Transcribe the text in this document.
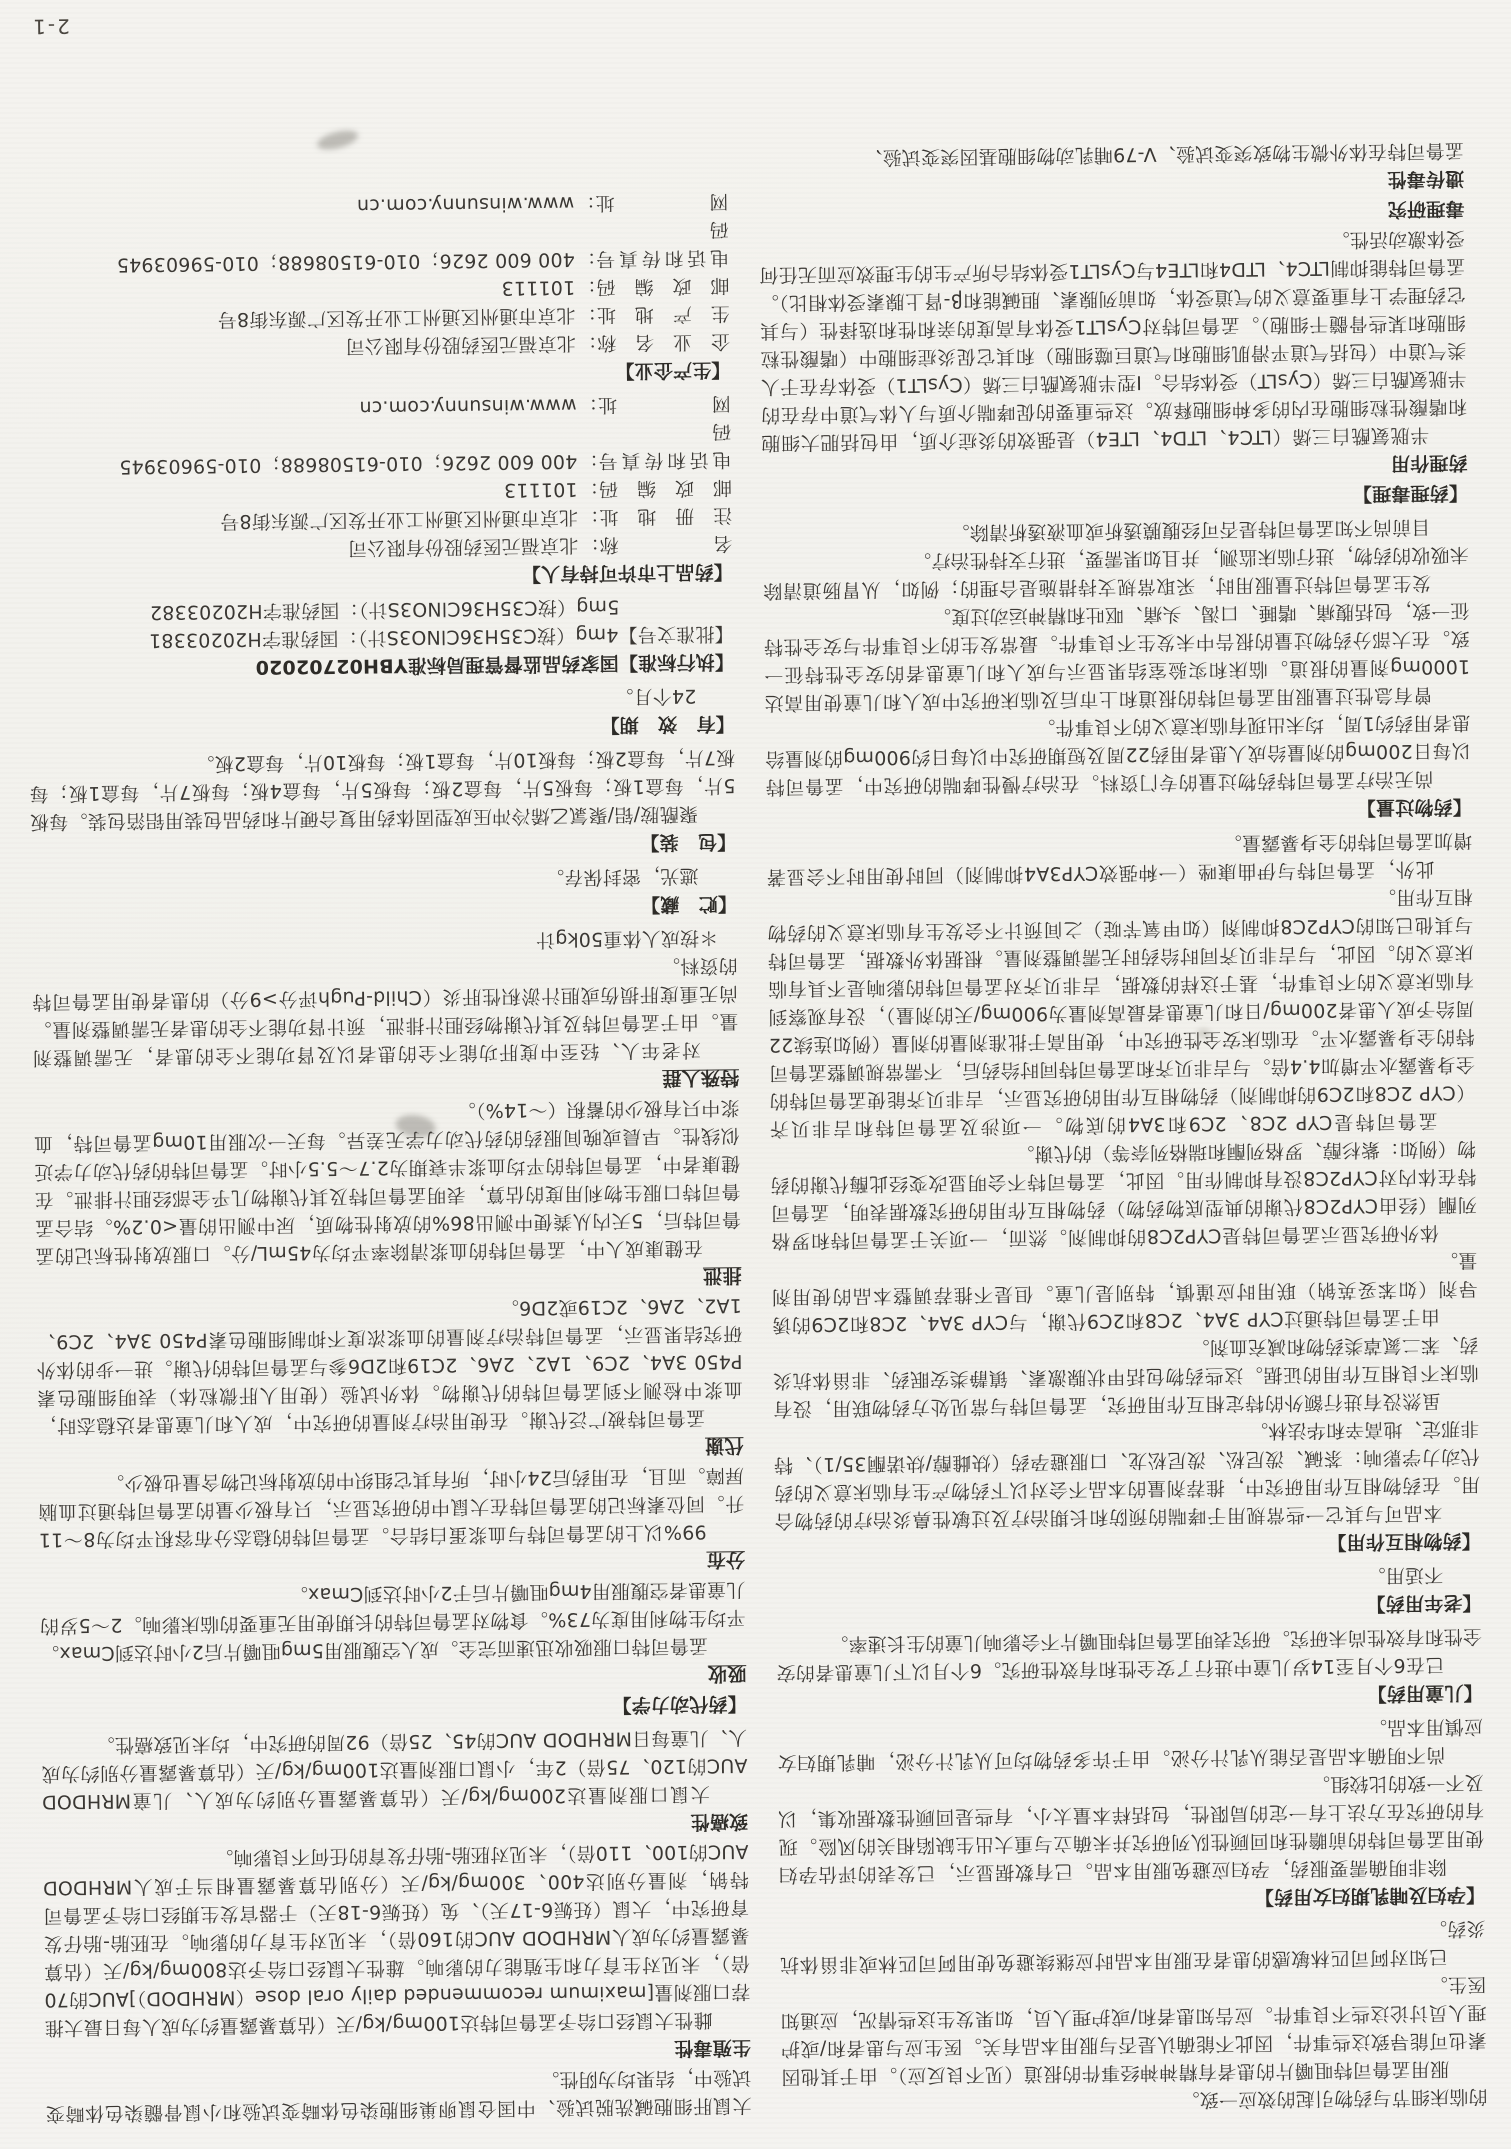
的临床细节与药物引起的效应一致。
服用孟鲁司特咀嚼片的患者有精神神经事件的报道（见不良反应）。由于其他因素也可能导致这些事件，因此不能确认是否与服用本品有关。医生应与患者和/或护理人员讨论这些不良事件。应告知患者和/或护理人员，如果发生这些情况，应通知医生。
已知对阿司匹林敏感的患者在服用本品时应继续避免使用阿司匹林或非甾体抗炎药。
【孕妇及哺乳期妇女用药】
除非明确需要服药，孕妇应避免服用本品。已有数据显示，已发表的评估孕妇使用孟鲁司特的前瞻性和回顾性队列研究并未确立与重大出生缺陷相关的风险。现有的研究在方法上有一定的局限性，包括样本量太小，有些是回顾性数据收集，以及不一致的比较组。
尚不明确本品是否能从乳汁分泌。由于许多药物均可从乳汁分泌，哺乳期妇女应慎用本品。
【儿童用药】
已在6个月至14岁儿童中进行了安全性和有效性研究。6个月以下儿童患者的安全性和有效性尚未研究。研究表明孟鲁司特咀嚼片不会影响儿童的生长速率。
【老年用药】
不适用。
【药物相互作用】
本品可与其它一些常规用于哮喘的预防和长期治疗及过敏性鼻炎治疗的药物合用。在药物相互作用研究中，推荐剂量的本品不会对以下药物产生有临床意义的药代动力学影响：茶碱、泼尼松、泼尼松龙、口服避孕药（炔雌醇/炔诺酮35/1）、特非那定、地高辛和华法林。
虽然没有进行额外的特定相互作用研究，孟鲁司特与常见处方药物联用，没有临床不良相互作用的证据。这些药物包括甲状腺激素、镇静类安眠药、非甾体抗炎药、苯二氮䓬类药物和减充血剂。
由于孟鲁司特通过CYP 3A4、2C8和2C9代谢，与CYP 3A4、2C8和2C9的诱导剂（如苯妥英钠）联用时应谨慎，特别是儿童。但是不推荐调整本品的使用剂量。
体外研究显示孟鲁司特是CYP2C8的抑制剂。然而，一项关于孟鲁司特和罗格列酮（经由CYP2C8代谢的典型底物药物）药物相互作用的研究数据表明，孟鲁司特在体内对CYP2C8没有抑制作用。因此，孟鲁司特不会明显改变经此酶代谢的药物（例如：紫杉醇、罗格列酮和瑞格列奈等）的代谢。
孟鲁司特是CYP 2C8、2C9和3A4的底物。一项涉及孟鲁司特和吉非贝齐（CYP 2C8和2C9的抑制剂）药物相互作用的研究显示，吉非贝齐能使孟鲁司特的全身暴露水平增加4.4倍。与吉非贝齐和孟鲁司特同时给药后，不需常规调整孟鲁司特的全身暴露水平。在临床安全性研究中，使用高于批准剂量的剂量（例如连续22周给予成人患者200mg/日和儿童患者最高剂量为900mg/天的剂量），没有观察到有临床意义的不良事件，基于这样的数据，吉非贝齐对孟鲁司特的影响是不具有临床意义的。因此，与吉非贝齐同时给药时无需调整剂量。根据体外数据，孟鲁司特与其他已知的CYP2C8抑制剂（如甲氧苄啶）之间预计不会发生有临床意义的药物相互作用。
此外，孟鲁司特与伊曲康唑（一种强效CYP3A4抑制剂）同时使用时不会显著增加孟鲁司特的全身暴露量。
【药物过量】
尚无治疗孟鲁司特药物过量的专门资料。在治疗慢性哮喘的研究中，孟鲁司特以每日200mg的剂量给成人患者用药22周及短期研究中以每日约900mg的剂量给患者用药约1周，均未出现有临床意义的不良事件。
曾有急性过量服用孟鲁司特的报道和上市后及临床研究中成人和儿童使用高达1000mg剂量的报道。临床和实验室结果显示与成人和儿童患者的安全性特征一致。在大部分药物过量的报告中未发生不良事件。最常发生的不良事件与安全性特征一致，包括腹痛、嗜睡、口渴、头痛、呕吐和精神运动过度。
发生孟鲁司特过量服用时，采取常规支持措施是合理的；例如，从胃肠道清除未吸收的药物，进行临床监测，并且如果需要，进行支持性治疗。
目前尚不知孟鲁司特是否可经腹膜透析或血液透析清除。
【药理毒理】
药理作用
半胱氨酰白三烯（LTC4、LTD4、LTE4）是强效的炎症介质，由包括肥大细胞和嗜酸性粒细胞在内的多种细胞释放。这些重要的促哮喘介质与人体气道中存在的半胱氨酰白三烯（CysLT）受体结合。I型半胱氨酰白三烯（CysLT1）受体存在于人类气道中（包括气道平滑肌细胞和气道巨噬细胞）和其它促炎症细胞中（嗜酸性粒细胞和某些骨髓干细胞）。孟鲁司特对CysLT1受体有高度的亲和性和选择性（与其它药理学上有重要意义的气道受体，如前列腺素、胆碱能和β-肾上腺素受体相比）。孟鲁司特能抑制LTC4、LTD4和LTE4与CysLT1受体结合所产生的生理效应而无任何受体激动活性。
毒理研究
遗传毒性
孟鲁司特在体外微生物致突变试验、V-79哺乳动物细胞基因突变试验、
大鼠肝细胞碱洗脱试验、中国仓鼠卵巢细胞染色体畸变试验和小鼠骨髓染色体畸变试验中，结果均为阴性。
生殖毒性
雌性大鼠经口给予孟鲁司特达100mg/kg/天（估算暴露量约为成人每日最大推荐口服剂量[maximum recommended daily oral dose（MRHDOD）]AUC的70倍），未见对生育力和生殖能力的影响。雄性大鼠经口给予达800mg/kg/天（估算暴露量约为成人MRHDOD AUC的160倍），未见对生育力的影响。在胚胎-胎仔发育研究中，大鼠（妊娠6-17天）、兔（妊娠6-18天）于器官发生期经口给予孟鲁司特钠，剂量分别达400、300mg/kg/天（分别估算暴露量相当于成人MRHDOD AUC的100、110倍），未见对胚胎-胎仔发育的任何不良影响。
致癌性
大鼠口服剂量达200mg/kg/天（估算暴露量分别约为成人、儿童MRHDOD AUC的120、75倍）2年，小鼠口服剂量达100mg/kg/天（估算暴露量分别约为成人、儿童每日MRHDOD AUC的45、25倍）92周的研究中，均未见致癌性。
【药代动力学】
吸收
孟鲁司特口服吸收迅速而完全。成人空腹服用5mg咀嚼片后2小时达到Cmax。平均生物利用度为73%。食物对孟鲁司特的长期使用无重要的临床影响。2～5岁的儿童患者空腹服用4mg咀嚼片后于2小时达到Cmax。
分布
99%以上的孟鲁司特与血浆蛋白结合。孟鲁司特的稳态分布容积平均为8～11升。同位素标记的孟鲁司特在大鼠中的研究显示，只有极少量的孟鲁司特通过血脑屏障。而且，在用药后24小时，所有其它组织中的放射标记物含量也极少。
代谢
孟鲁司特被广泛代谢。在使用治疗剂量的研究中，成人和儿童患者达稳态时，血浆中检测不到孟鲁司特的代谢物。体外试验（使用人肝微粒体）表明细胞色素P450 3A4、2C9、1A2、2A6、2C19和2D6参与孟鲁司特的代谢。进一步的体外研究结果显示，孟鲁司特治疗剂量的血浆浓度不抑制细胞色素P450 3A4、2C9、1A2、2A6、2C19或2D6。
排泄
在健康成人中，孟鲁司特的血浆清除率平均为45mL/分。口服放射性标记的孟鲁司特后，5天内从粪便中测出86%的放射性物质，尿中测出的量<0.2%。结合孟鲁司特口服生物利用度的估算，表明孟鲁司特及其代谢物几乎全部经胆汁排泄。在健康者中，孟鲁司特的平均血浆半衰期为2.7～5.5小时。孟鲁司特的药代动力学近似线性。早晨或晚间服药的药代动力学无差异。每天一次服用10mg孟鲁司特，血浆中只有极少的蓄积（～14%）。
特殊人群
对老年人、轻至中度肝功能不全的患者以及肾功能不全的患者，无需调整剂量。由于孟鲁司特及其代谢物经胆汁排泄，预计肾功能不全的患者无需调整剂量。尚无重度肝损伤或胆汁淤积性肝炎（Child-Pugh评分>9分）的患者使用孟鲁司特的资料。
＊按成人体重50kg计
【贮　藏】
遮光，密封保存。
【包　装】
聚酰胺/铝/聚氯乙烯冷冲压成型固体药用复合硬片和药品包装用铝箔包装。每板5片，每盒1板；每板5片，每盒2板；每板5片，每盒4板；每板7片，每盒1板；每板7片，每盒2板；每板10片，每盒1板；每板10片，每盒2板。
【有　效　期】
24个月。
【执行标准】国家药品监督管理局标准YBH02702020
【批准文号】4mg（按C35H36ClNO3S计）：国药准字H20203381
5mg（按C35H36ClNO3S计）：国药准字H20203382
【药品上市许可持有人】
名称
：
北京福元医药股份有限公司
注册地址
：
北京市通州区通州工业开发区广源东街8号
邮政编码
：
101113
电话和传真号码
：
400 600 2626；010-61508688；010-59603945
网址
：
www.winsunny.com.cn
【生产企业】
企业名称
：
北京福元医药股份有限公司
生产地址
：
北京市通州区通州工业开发区广源东街8号
邮政编码
：
101113
电话和传真号码
：
400 600 2626；010-61508688；010-59603945
网址
：
www.winsunny.com.cn
2-1
